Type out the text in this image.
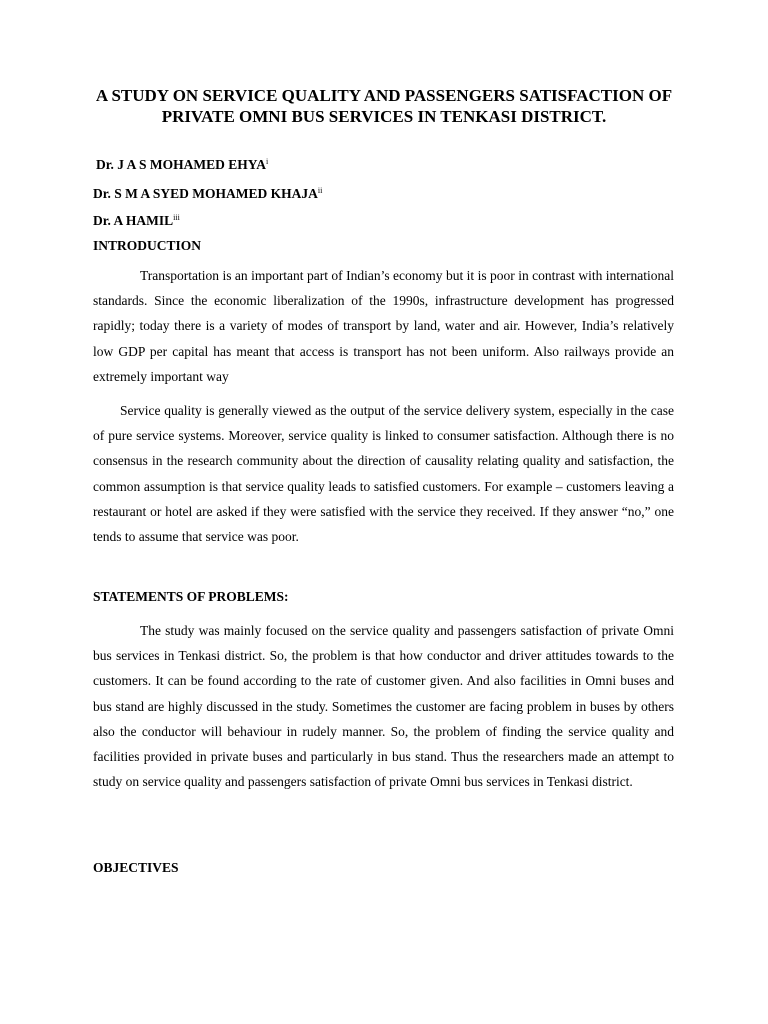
A STUDY ON SERVICE QUALITY AND PASSENGERS SATISFACTION OF PRIVATE OMNI BUS SERVICES IN TENKASI DISTRICT.
Dr. J A S MOHAMED EHYA$^i$
Dr. S M A SYED MOHAMED KHAJA$^{ii}$
Dr. A HAMIL$^{iii}$
INTRODUCTION

Transportation is an important part of Indian’s economy but it is poor in contrast with international standards. Since the economic liberalization of the 1990s, infrastructure development has progressed rapidly; today there is a variety of modes of transport by land, water and air. However, India’s relatively low GDP per capital has meant that access is transport has not been uniform. Also railways provide an extremely important way

Service quality is generally viewed as the output of the service delivery system, especially in the case of pure service systems. Moreover, service quality is linked to consumer satisfaction. Although there is no consensus in the research community about the direction of causality relating quality and satisfaction, the common assumption is that service quality leads to satisfied customers. For example – customers leaving a restaurant or hotel are asked if they were satisfied with the service they received. If they answer “no,” one tends to assume that service was poor.

STATEMENTS OF PROBLEMS:

The study was mainly focused on the service quality and passengers satisfaction of private Omni bus services in Tenkasi district. So, the problem is that how conductor and driver attitudes towards to the customers. It can be found according to the rate of customer given. And also facilities in Omni buses and bus stand are highly discussed in the study. Sometimes the customer are facing problem in buses by others also the conductor will behaviour in rudely manner. So, the problem of finding the service quality and facilities provided in private buses and particularly in bus stand. Thus the researchers made an attempt to study on service quality and passengers satisfaction of private Omni bus services in Tenkasi district.

OBJECTIVES
